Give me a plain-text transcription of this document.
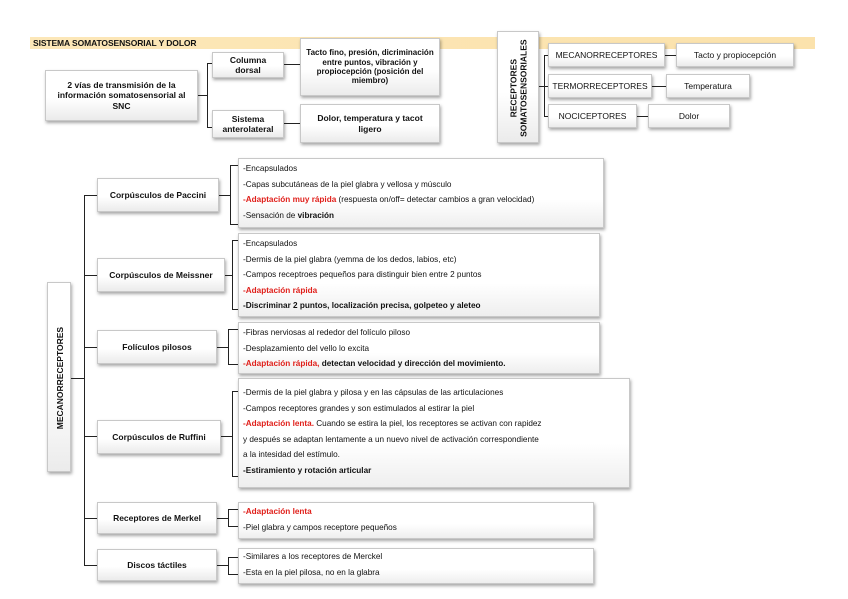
SISTEMA SOMATOSENSORIAL Y DOLOR
2 vías de transmisión de la información somatosensorial al SNC
Columna dorsal
Tacto fino, presión, dicriminación entre puntos, vibración y propiocepción (posición del miembro)
Sistema anterolateral
Dolor, temperatura y tacot ligero
RECEPTORES
SOMATOSENSORIALES	MECANORRECEPTORES	Tacto y propiocepción
TERMORRECEPTORES	Temperatura
NOCICEPTORES	Dolor
MECANORRECEPTORES
Corpúsculos de Paccini
-Encapsulados
-Capas subcutáneas de la piel glabra y vellosa y músculo
-Adaptación muy rápida (respuesta on/off= detectar cambios a gran velocidad)
-Sensación de vibración
Corpúsculos de Meissner
-Encapsulados
-Dermis de la piel glabra (yemma de los dedos, labios, etc)
-Campos receptroes pequeños para distinguir bien entre 2 puntos
-Adaptación rápida
-Discriminar 2 puntos, localización precisa, golpeteo y aleteo
Folículos pilosos
-Fibras nerviosas al rededor del folículo piloso
-Desplazamiento del vello lo excita
-Adaptación rápida, detectan velocidad y dirección del movimiento.
Corpúsculos de Ruffini
-Dermis de la piel glabra y pilosa y en las cápsulas de las articulaciones
-Campos receptores grandes y son estimulados al estirar la piel
-Adaptación lenta. Cuando se estira la piel, los receptores se activan con rapidez
y después se adaptan lentamente a un nuevo nivel de activación correspondiente
a la intesidad del estímulo.
-Estiramiento y rotación articular
Receptores de Merkel
-Adaptación lenta
-Piel glabra y campos receptore pequeños
Discos táctiles
-Similares a los receptores de Merckel
-Esta en la piel pilosa, no en la glabra
